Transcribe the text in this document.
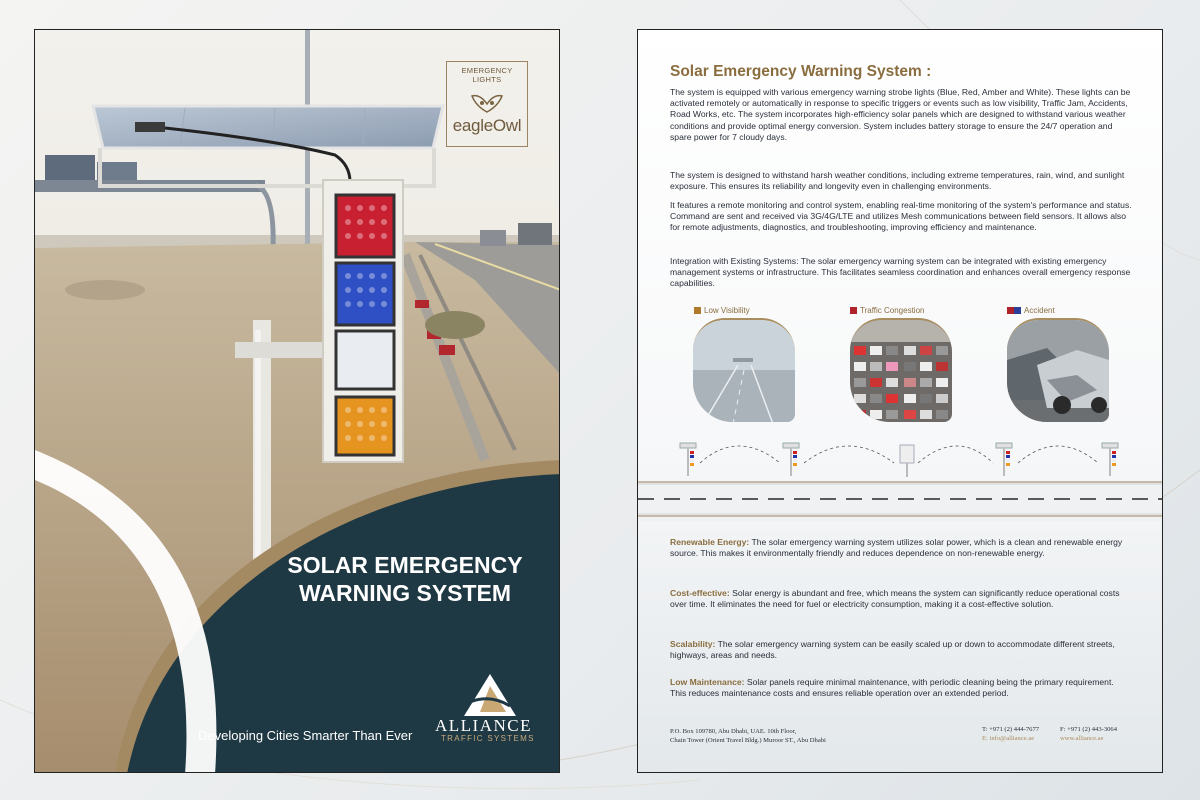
EMERGENCY LIGHTS
eagleOwl
SOLAR EMERGENCY
WARNING SYSTEM
ALLIANCE
TRAFFIC SYSTEMS
Developing Cities Smarter Than Ever
Solar Emergency Warning System :
The system is equipped with various emergency warning strobe lights (Blue, Red, Amber and White). These lights can be activated remotely or automatically in response to specific triggers or events such as low visibility, Traffic Jam, Accidents, Road Works, etc. The system incorporates high-efficiency solar panels which are designed to withstand various weather conditions and provide optimal energy conversion. System includes battery storage to ensure the 24/7 operation and spare power for 7 cloudy days.
The system is designed to withstand harsh weather conditions, including extreme temperatures, rain, wind, and sunlight exposure. This ensures its reliability and longevity even in challenging environments.
It features a remote monitoring and control system, enabling real-time monitoring of the system's performance and status. Command are sent and received via 3G/4G/LTE and utilizes Mesh communications between field sensors. It allows also for remote adjustments, diagnostics, and troubleshooting, improving efficiency and maintenance.
Integration with Existing Systems: The solar emergency warning system can be integrated with existing emergency management systems or infrastructure. This facilitates seamless coordination and enhances overall emergency response capabilities.
Low Visibility	Traffic Congestion	Accident
Renewable Energy: The solar emergency warning system utilizes solar power, which is a clean and renewable energy source. This makes it environmentally friendly and reduces dependence on non-renewable energy.
Cost-effective: Solar energy is abundant and free, which means the system can significantly reduce operational costs over time. It eliminates the need for fuel or electricity consumption, making it a cost-effective solution.
Scalability: The solar emergency warning system can be easily scaled up or down to accommodate different streets, highways, areas and needs.
Low Maintenance: Solar panels require minimal maintenance, with periodic cleaning being the primary requirement. This reduces maintenance costs and ensures reliable operation over an extended period.
P.O. Box 109780, Abu Dhabi, UAE. 10th Floor,
Chain Tower (Orient Travel Bldg.) Muroor ST., Abu Dhabi
T: +971 (2) 444-7677
E: info@alliance.ae
F: +971 (2) 443-3064
www.alliance.ae
